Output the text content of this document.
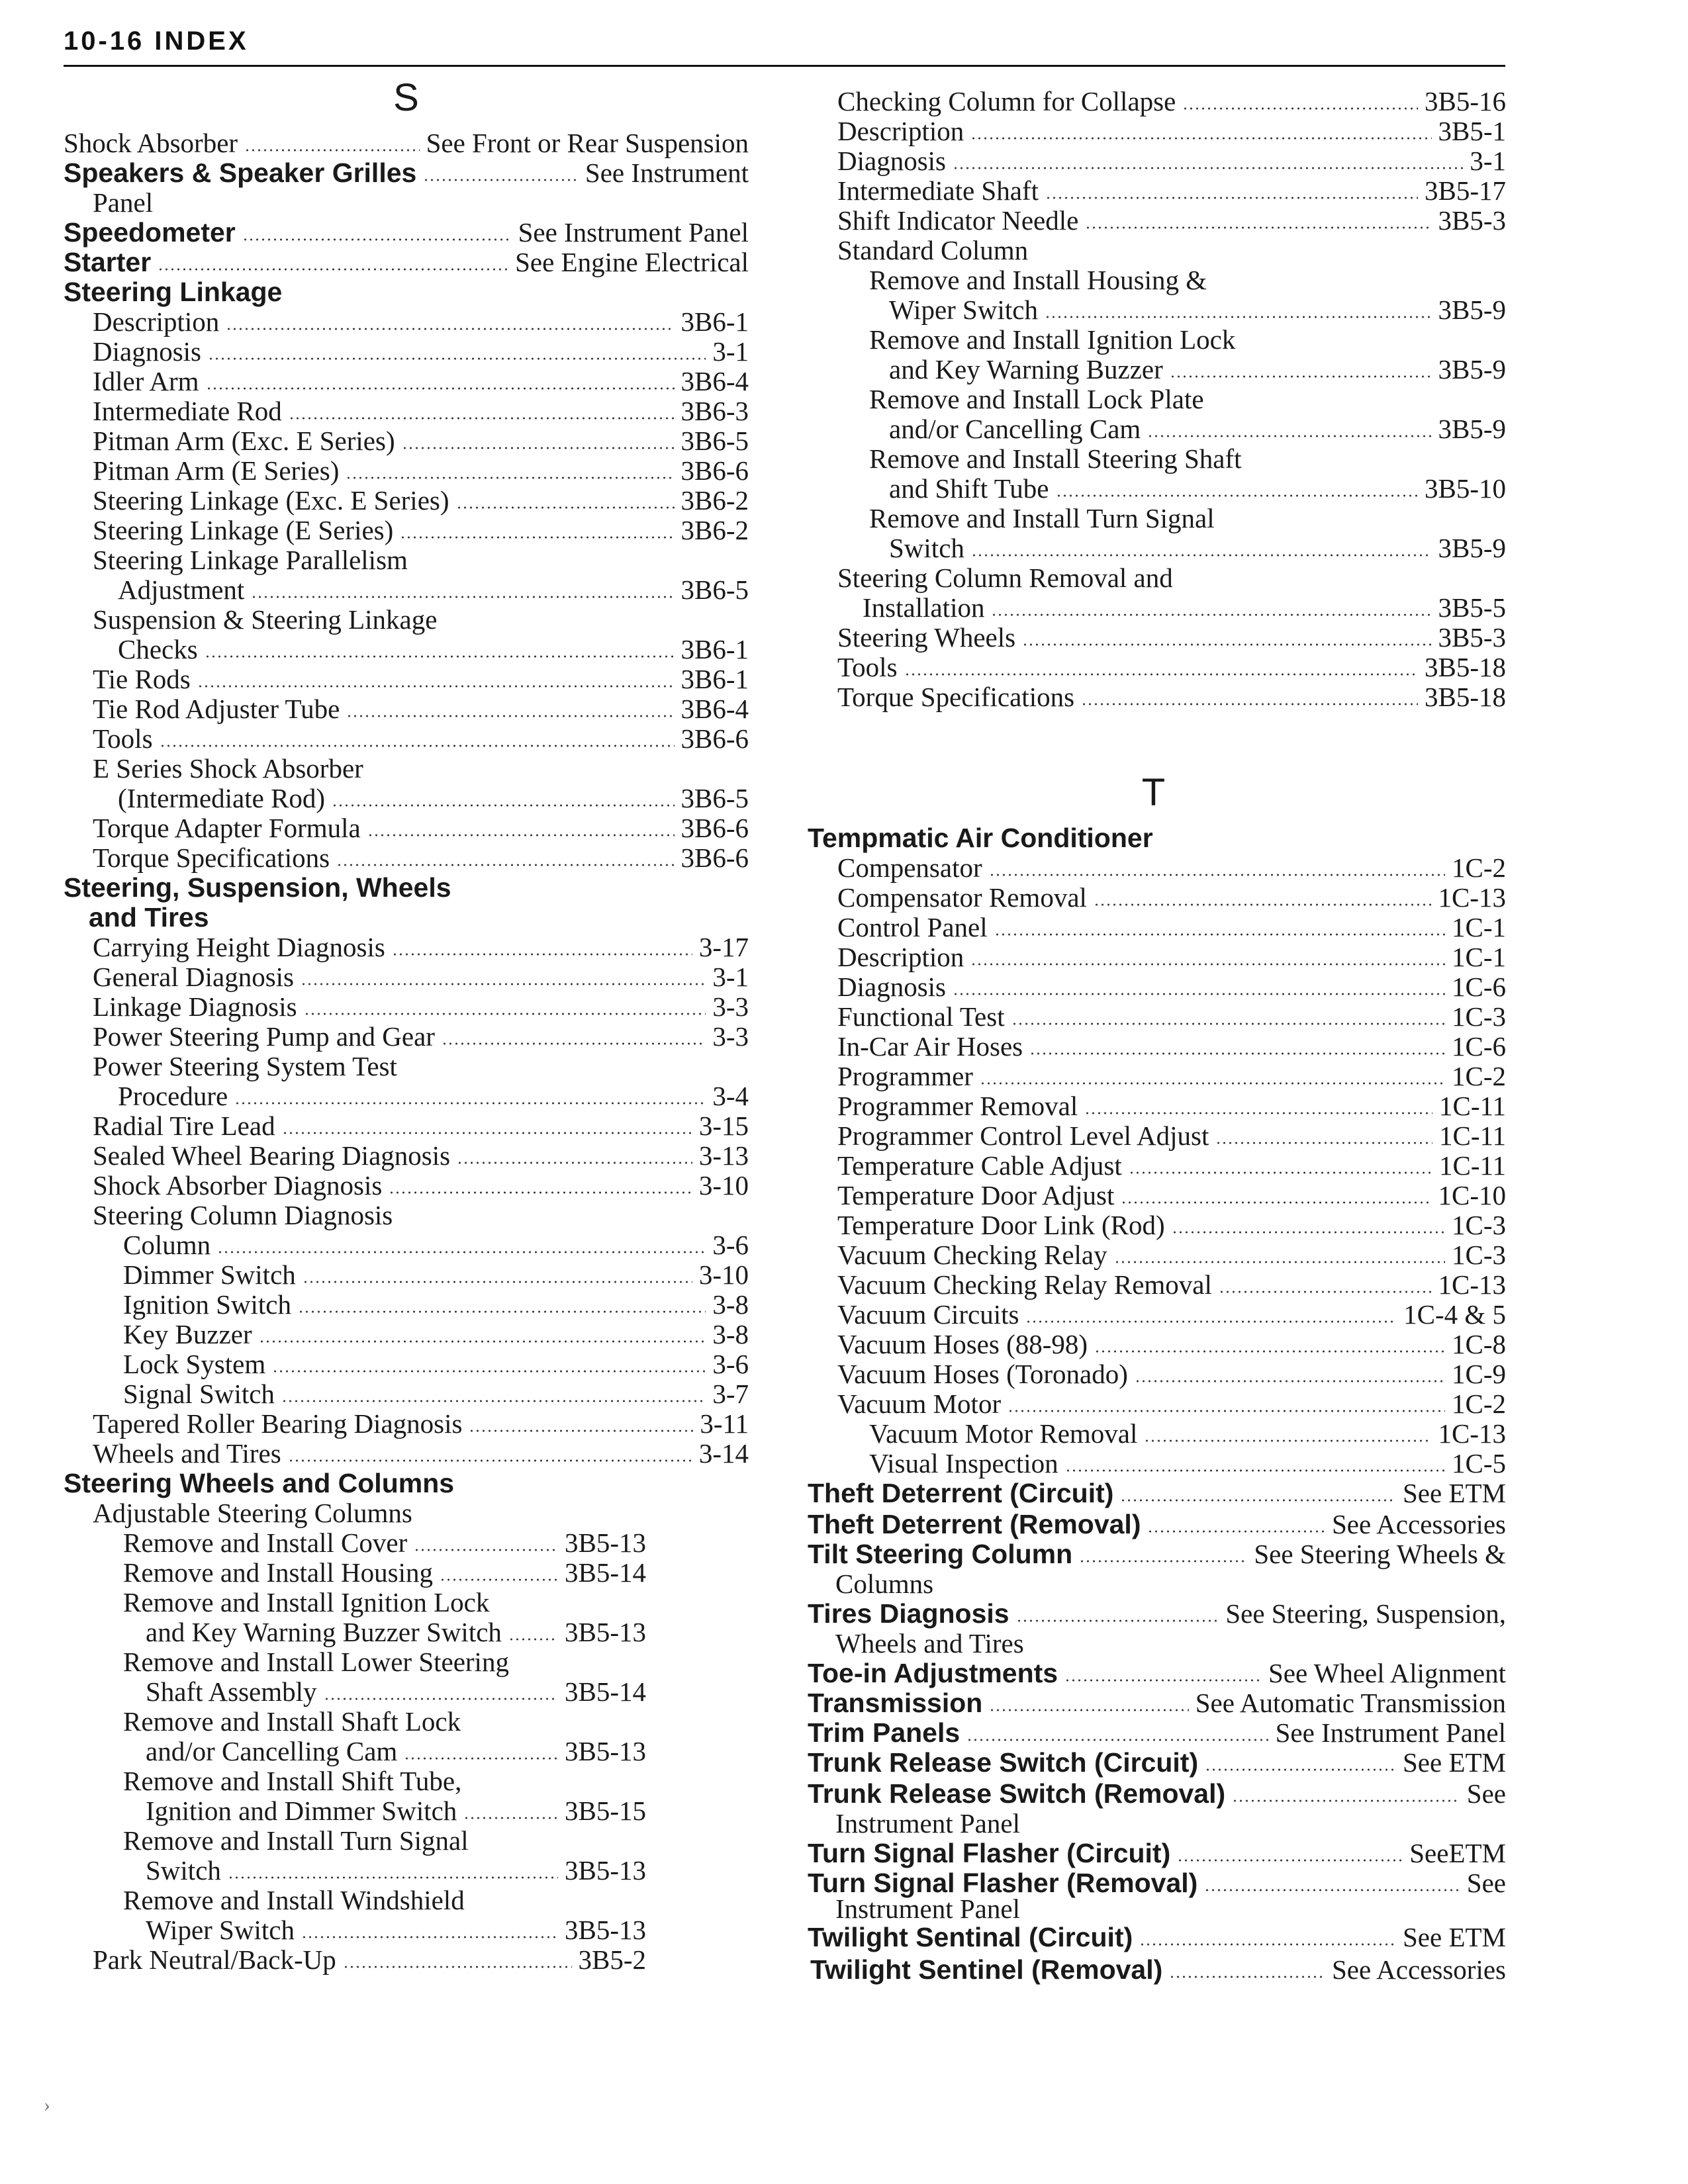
10-16 INDEX
S
Shock Absorber	See Front or Rear Suspension
Speakers & Speaker Grilles	See Instrument
Panel
Speedometer	See Instrument Panel
Starter	See Engine Electrical
Steering Linkage
Description	3B6-1
Diagnosis	3-1
Idler Arm	3B6-4
Intermediate Rod	3B6-3
Pitman Arm (Exc. E Series)	3B6-5
Pitman Arm (E Series)	3B6-6
Steering Linkage (Exc. E Series)	3B6-2
Steering Linkage (E Series)	3B6-2
Steering Linkage Parallelism
Adjustment	3B6-5
Suspension & Steering Linkage
Checks	3B6-1
Tie Rods	3B6-1
Tie Rod Adjuster Tube	3B6-4
Tools	3B6-6
E Series Shock Absorber
(Intermediate Rod)	3B6-5
Torque Adapter Formula	3B6-6
Torque Specifications	3B6-6
Steering, Suspension, Wheels
and Tires
Carrying Height Diagnosis	3-17
General Diagnosis	3-1
Linkage Diagnosis	3-3
Power Steering Pump and Gear	3-3
Power Steering System Test
Procedure	3-4
Radial Tire Lead	3-15
Sealed Wheel Bearing Diagnosis	3-13
Shock Absorber Diagnosis	3-10
Steering Column Diagnosis
Column	3-6
Dimmer Switch	3-10
Ignition Switch	3-8
Key Buzzer	3-8
Lock System	3-6
Signal Switch	3-7
Tapered Roller Bearing Diagnosis	3-11
Wheels and Tires	3-14
Steering Wheels and Columns
Adjustable Steering Columns
Remove and Install Cover	3B5-13
Remove and Install Housing	3B5-14
Remove and Install Ignition Lock
and Key Warning Buzzer Switch 3B5-13
Remove and Install Lower Steering
Shaft Assembly	3B5-14
Remove and Install Shaft Lock
and/or Cancelling Cam	3B5-13
Remove and Install Shift Tube,
Ignition and Dimmer Switch	3B5-15
Remove and Install Turn Signal
Switch	3B5-13
Remove and Install Windshield
Wiper Switch	3B5-13
Park Neutral/Back-Up	3B5-2
Checking Column for Collapse	3B5-16
Description	3B5-1
Diagnosis	3-1
Intermediate Shaft	3B5-17
Shift Indicator Needle	3B5-3
Standard Column
Remove and Install Housing &
Wiper Switch	3B5-9
Remove and Install Ignition Lock
and Key Warning Buzzer	3B5-9
Remove and Install Lock Plate
and/or Cancelling Cam	3B5-9
Remove and Install Steering Shaft
and Shift Tube	3B5-10
Remove and Install Turn Signal
Switch	3B5-9
Steering Column Removal and
Installation	3B5-5
Steering Wheels	3B5-3
Tools	3B5-18
Torque Specifications	3B5-18
T
Tempmatic Air Conditioner
Compensator	1C-2
Compensator Removal	1C-13
Control Panel	1C-1
Description	1C-1
Diagnosis	1C-6
Functional Test	1C-3
In-Car Air Hoses	1C-6
Programmer	1C-2
Programmer Removal	1C-11
Programmer Control Level Adjust	1C-11
Temperature Cable Adjust	1C-11
Temperature Door Adjust	1C-10
Temperature Door Link (Rod)	1C-3
Vacuum Checking Relay	1C-3
Vacuum Checking Relay Removal	1C-13
Vacuum Circuits	1C-4 & 5
Vacuum Hoses (88-98)	1C-8
Vacuum Hoses (Toronado)	1C-9
Vacuum Motor	1C-2
Vacuum Motor Removal	1C-13
Visual Inspection	1C-5
Theft Deterrent (Circuit)	See ETM
Theft Deterrent (Removal)	See Accessories
Tilt Steering Column	See Steering Wheels &
Columns
Tires Diagnosis	See Steering, Suspension,
Wheels and Tires
Toe-in Adjustments	See Wheel Alignment
Transmission	See Automatic Transmission
Trim Panels	See Instrument Panel
Trunk Release Switch (Circuit)	See ETM
Trunk Release Switch (Removal)	See
Instrument Panel
Turn Signal Flasher (Circuit)	SeeETM
Turn Signal Flasher (Removal)	See
Instrument Panel
Twilight Sentinal (Circuit)	See ETM
Twilight Sentinel (Removal)	See Accessories
›
